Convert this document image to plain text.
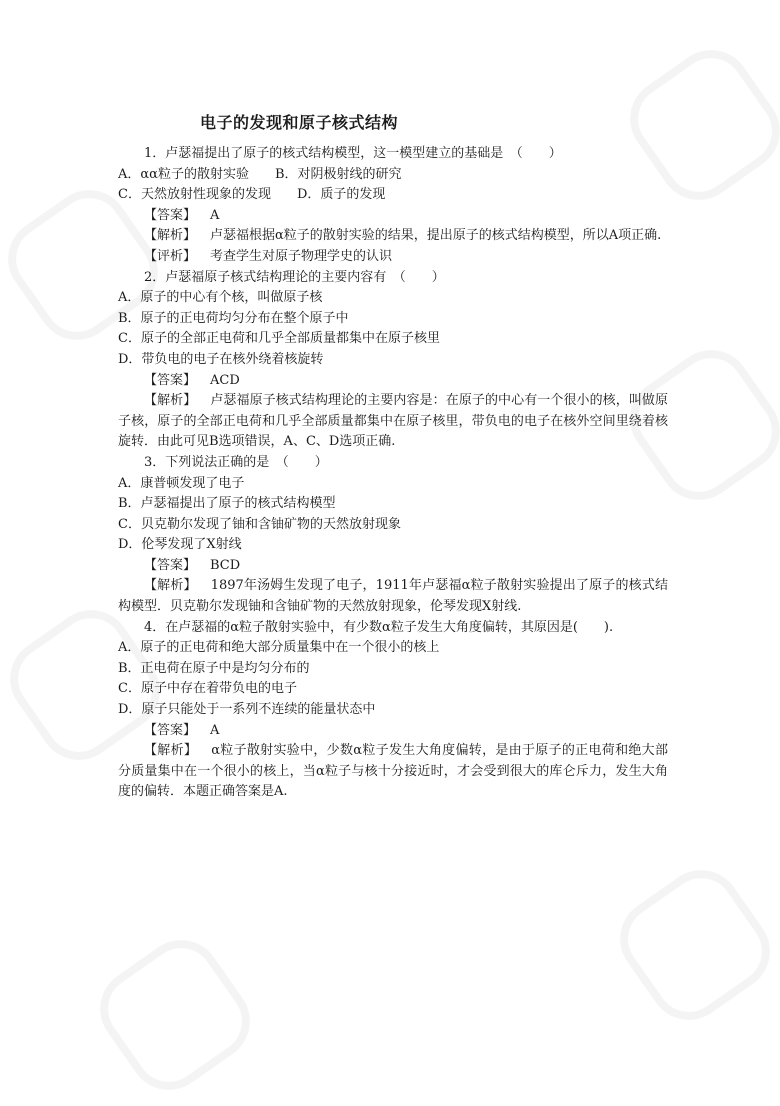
电子的发现和原子核式结构
1．卢瑟福提出了原子的核式结构模型，这一模型建立的基础是　（　　）
A．αα粒子的散射实验　　B．对阴极射线的研究
C．天然放射性现象的发现　　D．质子的发现
【答案】 A
【解析】 卢瑟福根据α粒子的散射实验的结果，提出原子的核式结构模型，所以A项正确.
【评析】 考查学生对原子物理学史的认识
2．卢瑟福原子核式结构理论的主要内容有　（　　）
A．原子的中心有个核，叫做原子核
B．原子的正电荷均匀分布在整个原子中
C．原子的全部正电荷和几乎全部质量都集中在原子核里
D．带负电的电子在核外绕着核旋转
【答案】 ACD
【解析】 卢瑟福原子核式结构理论的主要内容是：在原子的中心有一个很小的核，叫做原子核，原子的全部正电荷和几乎全部质量都集中在原子核里，带负电的电子在核外空间里绕着核旋转．由此可见B选项错误，A、C、D选项正确.
3．下列说法正确的是　（　　）
A．康普顿发现了电子
B．卢瑟福提出了原子的核式结构模型
C．贝克勒尔发现了铀和含铀矿物的天然放射现象
D．伦琴发现了X射线
【答案】 BCD
【解析】 1897年汤姆生发现了电子，1911年卢瑟福α粒子散射实验提出了原子的核式结构模型．贝克勒尔发现铀和含铀矿物的天然放射现象，伦琴发现X射线.
4．在卢瑟福的α粒子散射实验中，有少数α粒子发生大角度偏转，其原因是(　　).
A．原子的正电荷和绝大部分质量集中在一个很小的核上
B．正电荷在原子中是均匀分布的
C．原子中存在着带负电的电子
D．原子只能处于一系列不连续的能量状态中
【答案】 A
【解析】 α粒子散射实验中，少数α粒子发生大角度偏转，是由于原子的正电荷和绝大部分质量集中在一个很小的核上，当α粒子与核十分接近时，才会受到很大的库仑斥力，发生大角度的偏转．本题正确答案是A.
